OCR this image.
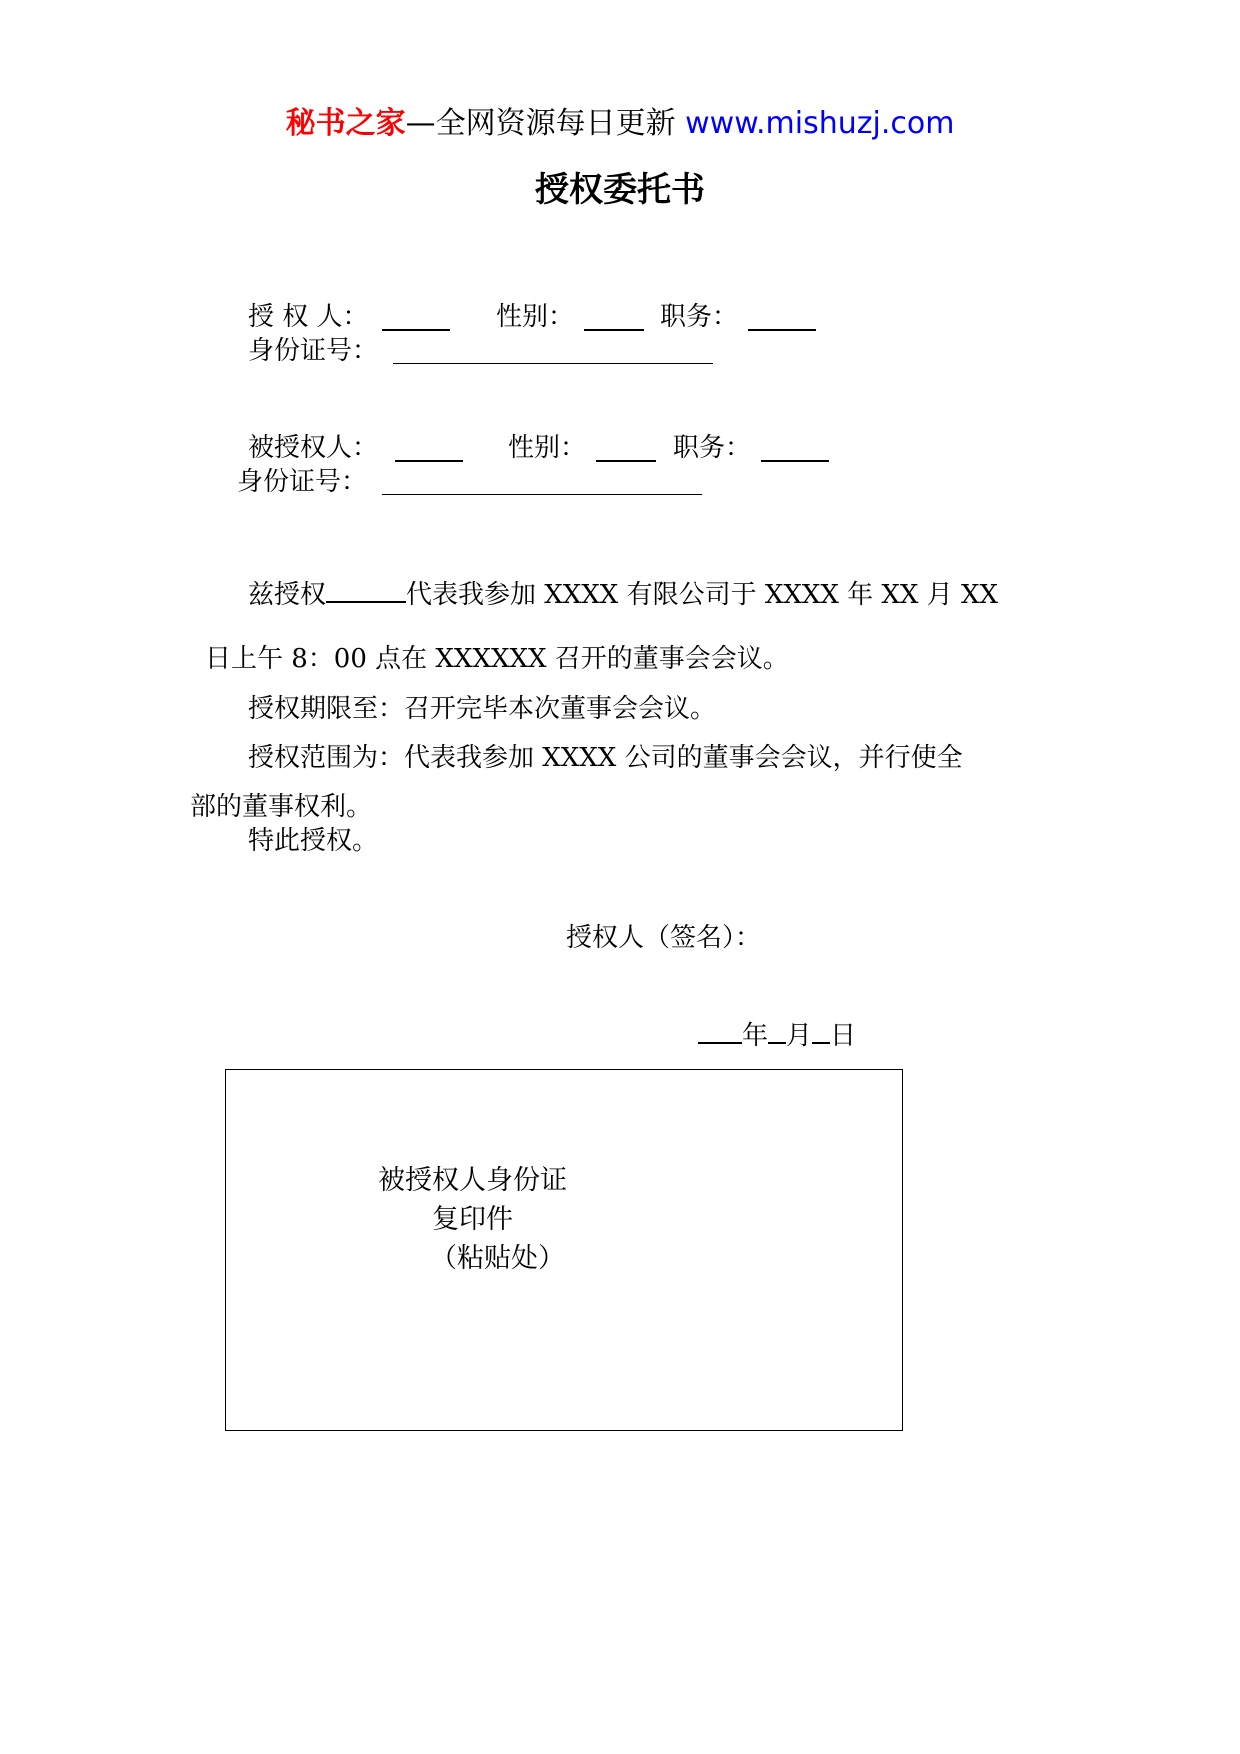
秘书之家—全网资源每日更新 www.mishuzj.com
授权委托书
授 权 人：	性别：	职务：
身份证号：
被授权人：	性别：	职务：
身份证号：
兹授权	代表我参加 XXXX 有限公司于 XXXX 年 XX 月 XX
日上午 8：00 点在 XXXXXX 召开的董事会会议。
授权期限至：召开完毕本次董事会会议。
授权范围为：代表我参加 XXXX 公司的董事会会议，并行使全
部的董事权利。
特此授权。
授权人（签名）：
年 月 日
被授权人身份证
复印件
（粘贴处）
